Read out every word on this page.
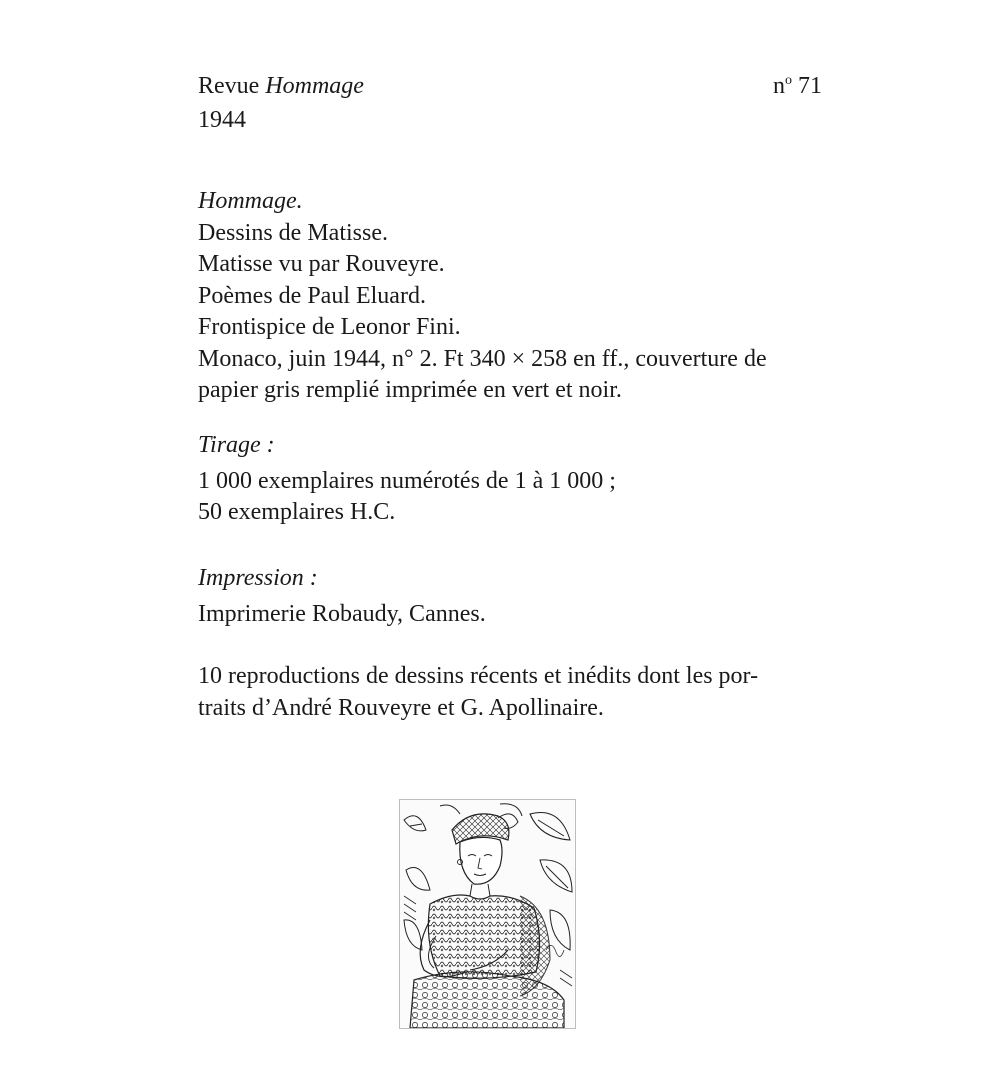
Revue Hommage
1944
$n^o$ 71
Hommage.
Dessins de Matisse.
Matisse vu par Rouveyre.
Poèmes de Paul Eluard.
Frontispice de Leonor Fini.
Monaco, juin 1944, n° 2. Ft 340 × 258 en ff., couverture de
papier gris remplié imprimée en vert et noir.
Tirage :
1 000 exemplaires numérotés de 1 à 1 000 ;
50 exemplaires H.C.
Impression :
Imprimerie Robaudy, Cannes.
10 reproductions de dessins récents et inédits dont les por-
traits d’André Rouveyre et G. Apollinaire.
